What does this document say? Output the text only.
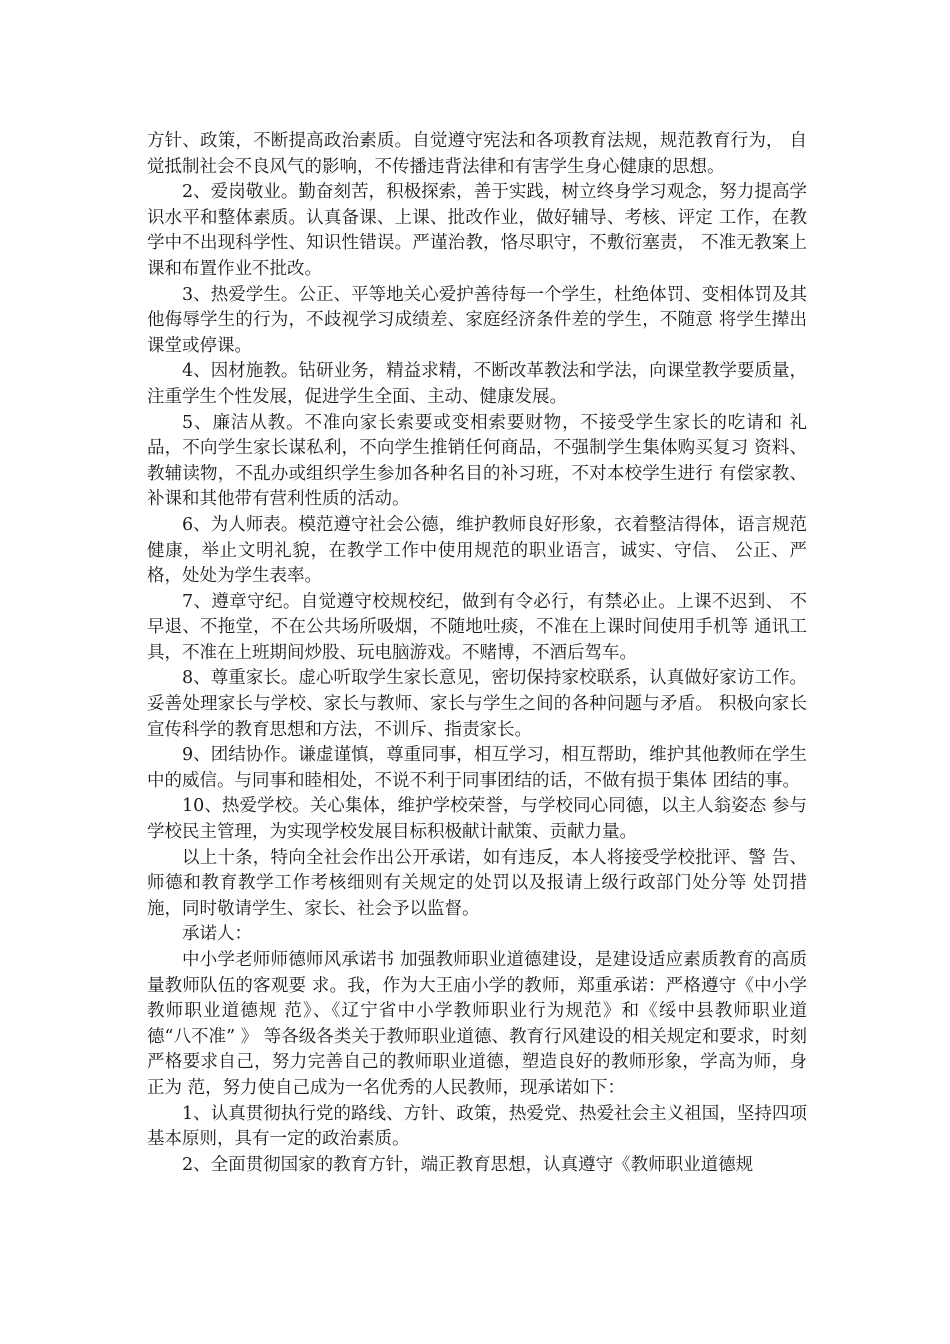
方针、政策，不断提高政治素质。自觉遵守宪法和各项教育法规，规范教育行为， 自觉抵制社会不良风气的影响，不传播违背法律和有害学生身心健康的思想。

2、爱岗敬业。勤奋刻苦，积极探索，善于实践，树立终身学习观念，努力提高学识水平和整体素质。认真备课、上课、批改作业，做好辅导、考核、评定 工作，在教学中不出现科学性、知识性错误。严谨治教，恪尽职守，不敷衍塞责， 不准无教案上课和布置作业不批改。

3、热爱学生。公正、平等地关心爱护善待每一个学生，杜绝体罚、变相体罚及其他侮辱学生的行为，不歧视学习成绩差、家庭经济条件差的学生，不随意 将学生撵出课堂或停课。

4、因材施教。钻研业务，精益求精，不断改革教法和学法，向课堂教学要质量，注重学生个性发展，促进学生全面、主动、健康发展。

5、廉洁从教。不准向家长索要或变相索要财物，不接受学生家长的吃请和 礼品，不向学生家长谋私利，不向学生推销任何商品，不强制学生集体购买复习 资料、教辅读物，不乱办或组织学生参加各种名目的补习班，不对本校学生进行 有偿家教、补课和其他带有营利性质的活动。

6、为人师表。模范遵守社会公德，维护教师良好形象，衣着整洁得体，语言规范健康，举止文明礼貌，在教学工作中使用规范的职业语言，诚实、守信、 公正、严格，处处为学生表率。

7、遵章守纪。自觉遵守校规校纪，做到有令必行，有禁必止。上课不迟到、 不早退、不拖堂，不在公共场所吸烟，不随地吐痰，不准在上课时间使用手机等 通讯工具，不准在上班期间炒股、玩电脑游戏。不赌博，不酒后驾车。

8、尊重家长。虚心听取学生家长意见，密切保持家校联系，认真做好家访工作。妥善处理家长与学校、家长与教师、家长与学生之间的各种问题与矛盾。 积极向家长宣传科学的教育思想和方法，不训斥、指责家长。

9、团结协作。谦虚谨慎，尊重同事，相互学习，相互帮助，维护其他教师在学生中的威信。与同事和睦相处，不说不利于同事团结的话，不做有损于集体 团结的事。

10、热爱学校。关心集体，维护学校荣誉，与学校同心同德，以主人翁姿态 参与学校民主管理，为实现学校发展目标积极献计献策、贡献力量。

以上十条，特向全社会作出公开承诺，如有违反，本人将接受学校批评、警 告、师德和教育教学工作考核细则有关规定的处罚以及报请上级行政部门处分等 处罚措施，同时敬请学生、家长、社会予以监督。

承诺人：

中小学老师师德师风承诺书 加强教师职业道德建设，是建设适应素质教育的高质量教师队伍的客观要 求。我，作为大王庙小学的教师，郑重承诺：严格遵守《中小学教师职业道德规 范》、《辽宁省中小学教师职业行为规范》和《绥中县教师职业道德“八不准” 》 等各级各类关于教师职业道德、教育行风建设的相关规定和要求，时刻严格要求自己，努力完善自己的教师职业道德，塑造良好的教师形象，学高为师，身正为 范，努力使自己成为一名优秀的人民教师，现承诺如下：

1、认真贯彻执行党的路线、方针、政策，热爱党、热爱社会主义祖国，坚持四项基本原则，具有一定的政治素质。

2、全面贯彻国家的教育方针，端正教育思想，认真遵守《教师职业道德规
